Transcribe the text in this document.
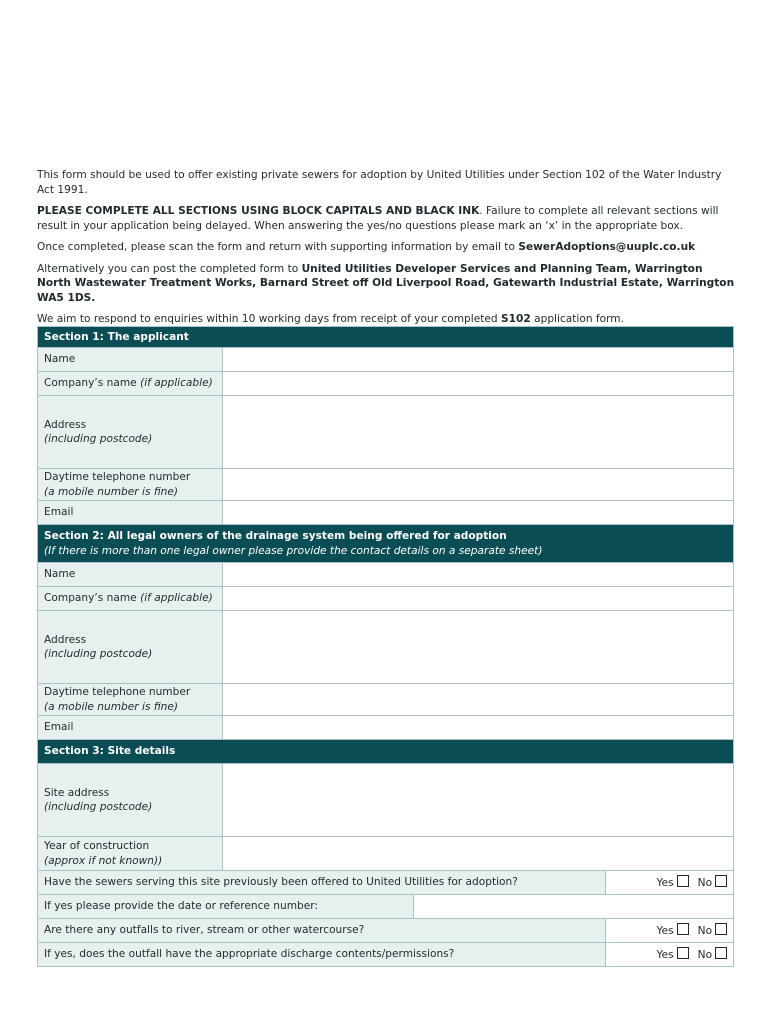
This form should be used to offer existing private sewers for adoption by United Utilities under Section 102 of the Water Industry Act 1991.

PLEASE COMPLETE ALL SECTIONS USING BLOCK CAPITALS AND BLACK INK. Failure to complete all relevant sections will result in your application being delayed. When answering the yes/no questions please mark an ‘x’ in the appropriate box.

Once completed, please scan the form and return with supporting information by email to SewerAdoptions@uuplc.co.uk

Alternatively you can post the completed form to United Utilities Developer Services and Planning Team, Warrington North Wastewater Treatment Works, Barnard Street off Old Liverpool Road, Gatewarth Industrial Estate, Warrington WA5 1DS.

We aim to respond to enquiries within 10 working days from receipt of your completed S102 application form.

Section 1: The applicant			
Name			
Company’s name (if applicable)			
Address
(including postcode)			
Daytime telephone number
(a mobile number is fine)			
Email			
Section 2: All legal owners of the drainage system being offered for adoption
(If there is more than one legal owner please provide the contact details on a separate sheet)			

Name			
Company’s name (if applicable)			
Address
(including postcode)			
Daytime telephone number
(a mobile number is fine)			
Email			
Section 3: Site details			
Site address
(including postcode)			
Year of construction
(approx if not known))			
Have the sewers serving this site previously been offered to United Utilities for adoption?			Yes No
If yes please provide the date or reference number:			
Are there any outfalls to river, stream or other watercourse?			Yes No
If yes, does the outfall have the appropriate discharge contents/permissions?			Yes No
